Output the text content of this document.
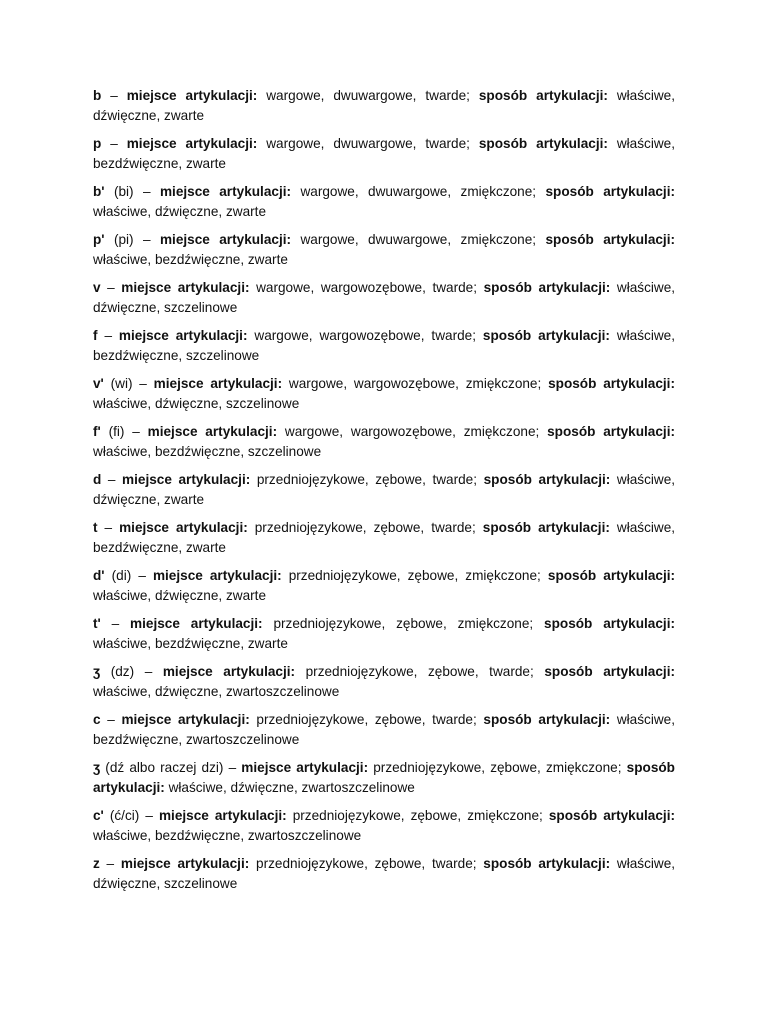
b – miejsce artykulacji: wargowe, dwuwargowe, twarde; sposób artykulacji: właściwe, dźwięczne, zwarte

p – miejsce artykulacji: wargowe, dwuwargowe, twarde; sposób artykulacji: właściwe, bezdźwięczne, zwarte

b' (bi) – miejsce artykulacji: wargowe, dwuwargowe, zmiękczone; sposób artykulacji: właściwe, dźwięczne, zwarte

p' (pi) – miejsce artykulacji: wargowe, dwuwargowe, zmiękczone; sposób artykulacji: właściwe, bezdźwięczne, zwarte

v – miejsce artykulacji: wargowe, wargowozębowe, twarde; sposób artykulacji: właściwe, dźwięczne, szczelinowe

f – miejsce artykulacji: wargowe, wargowozębowe, twarde; sposób artykulacji: właściwe, bezdźwięczne, szczelinowe

v' (wi) – miejsce artykulacji: wargowe, wargowozębowe, zmiękczone; sposób artykulacji: właściwe, dźwięczne, szczelinowe

f' (fi) – miejsce artykulacji: wargowe, wargowozębowe, zmiękczone; sposób artykulacji: właściwe, bezdźwięczne, szczelinowe

d – miejsce artykulacji: przedniojęzykowe, zębowe, twarde; sposób artykulacji: właściwe, dźwięczne, zwarte

t – miejsce artykulacji: przedniojęzykowe, zębowe, twarde; sposób artykulacji: właściwe, bezdźwięczne, zwarte

d' (di) – miejsce artykulacji: przedniojęzykowe, zębowe, zmiękczone; sposób artykulacji: właściwe, dźwięczne, zwarte

t' – miejsce artykulacji: przedniojęzykowe, zębowe, zmiękczone; sposób artykulacji: właściwe, bezdźwięczne, zwarte

ʒ (dz) – miejsce artykulacji: przedniojęzykowe, zębowe, twarde; sposób artykulacji: właściwe, dźwięczne, zwartoszczelinowe

c – miejsce artykulacji: przedniojęzykowe, zębowe, twarde; sposób artykulacji: właściwe, bezdźwięczne, zwartoszczelinowe

ʒ (dź albo raczej dzi) – miejsce artykulacji: przedniojęzykowe, zębowe, zmiękczone; sposób artykulacji: właściwe, dźwięczne, zwartoszczelinowe

c' (ć/ci) – miejsce artykulacji: przedniojęzykowe, zębowe, zmiękczone; sposób artykulacji: właściwe, bezdźwięczne, zwartoszczelinowe

z – miejsce artykulacji: przedniojęzykowe, zębowe, twarde; sposób artykulacji: właściwe, dźwięczne, szczelinowe
